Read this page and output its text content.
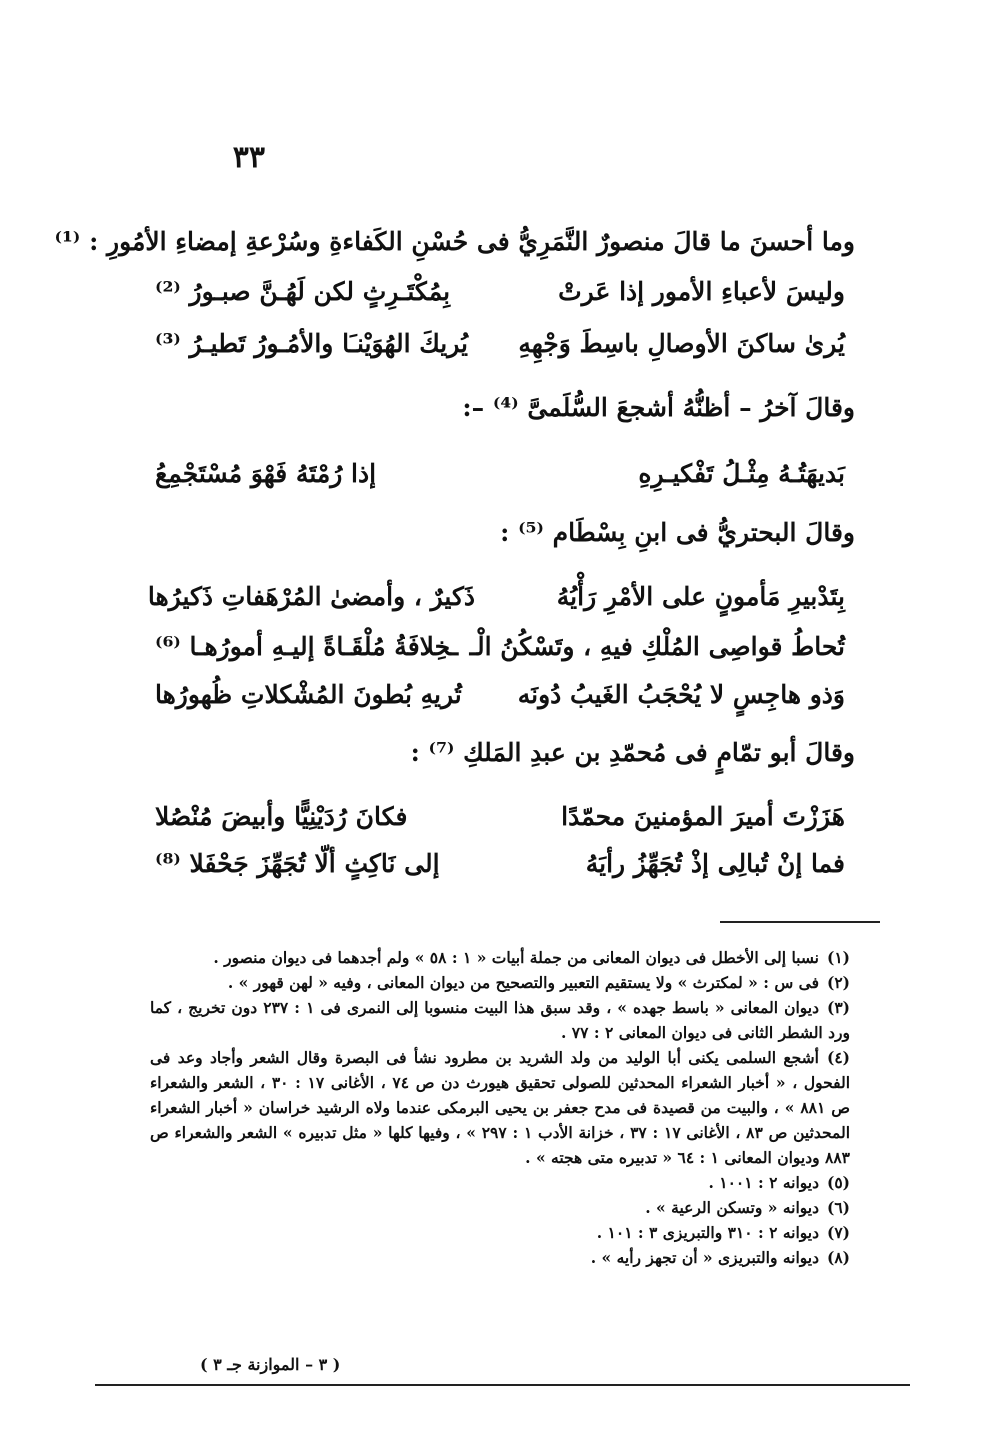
٣٣
وما أحسنَ ما قالَ منصورٌ النَّمَرِيُّ فى حُسْنِ الكَفاءةِ وسُرْعةِ إمضاءِ الأمُورِ : ⁽¹⁾
وليسَ لأعباءِ الأمور إذا عَرتْ
بِمُكْتَـرِثٍ لكن لَهُـنَّ صبـورُ ⁽²⁾
يُرىٰ ساكنَ الأوصالِ باسِطَ وَجْهِهِ
يُريكَ الهُوَيْنـَا والأمُـورُ تَطيـرُ ⁽³⁾
وقالَ آخرُ – أظنُّهُ أشجعَ السُّلَمىَّ ⁽⁴⁾ –:
بَديهَتُـهُ مِثْـلُ تَفْكيـرِهِ
إذا رُمْتَهُ فَهْوَ مُسْتَجْمِعُ
وقالَ البحتريُّ فى ابنِ بِسْطَام ⁽⁵⁾ :
بِتَدْبيرِ مَأمونٍ على الأمْرِ رَأْيُهُ
ذَكيرٌ ، وأمضىٰ المُرْهَفاتِ ذَكيرُها
تُحاطُ قواصِى المُلْكِ فيهِ ، وتَسْكُنُ الْـ
ـخِلافَةُ مُلْقَـاةً إليـهِ أمورُهـا ⁽⁶⁾
وَذو هاجِسٍ لا يُحْجَبُ الغَيبُ دُونَه
تُريهِ بُطونَ المُشْكلاتِ ظُهورُها
وقالَ أبو تمّامٍ فى مُحمّدِ بن عبدِ المَلكِ ⁽⁷⁾ :
هَزَزْتَ أميرَ المؤمنينَ محمّدًا
فكانَ رُدَيْنِيًّا وأبيضَ مُنْصُلا
فما إنْ تُبالِى إذْ تُجَهِّزُ رأيَهُ
إلى نَاكِثٍ ألّا تُجَهِّزَ جَحْفَلا ⁽⁸⁾

(١)نسبا إلى الأخطل فى ديوان المعانى من جملة أبيات « ١ : ٥٨ » ولم أجدهما فى ديوان منصور .

(٢)فى س : « لمكترث » ولا يستقيم التعبير والتصحيح من ديوان المعانى ، وفيه « لهن قهور » .

(٣)ديوان المعانى « باسط جهده » ، وقد سبق هذا البيت منسوبا إلى النمرى فى ١ : ٢٣٧ دون تخريج ، كما ورد الشطر الثانى فى ديوان المعانى ٢ : ٧٧ .

(٤)أشجع السلمى يكنى أبا الوليد من ولد الشريد بن مطرود نشأ فى البصرة وقال الشعر وأجاد وعد فى الفحول ، « أخبار الشعراء المحدثين للصولى تحقيق هيورث دن ص ٧٤ ، الأغانى ١٧ : ٣٠ ، الشعر والشعراء ص ٨٨١ » ، والبيت من قصيدة فى مدح جعفر بن يحيى البرمكى عندما ولاه الرشيد خراسان « أخبار الشعراء المحدثين ص ٨٣ ، الأغانى ١٧ : ٣٧ ، خزانة الأدب ١ : ٢٩٧ » ، وفيها كلها « مثل تدبيره » الشعر والشعراء ص ٨٨٣ وديوان المعانى ١ : ٦٤ « تدبيره متى هجته » .

(٥)ديوانه ٢ : ١٠٠١ .

(٦)ديوانه « وتسكن الرعية » .

(٧)ديوانه ٢ : ٣١٠ والتبريزى ٣ : ١٠١ .

(٨)ديوانه والتبريزى « أن تجهز رأيه » .

( ٣ – الموازنة جـ ٣ )
